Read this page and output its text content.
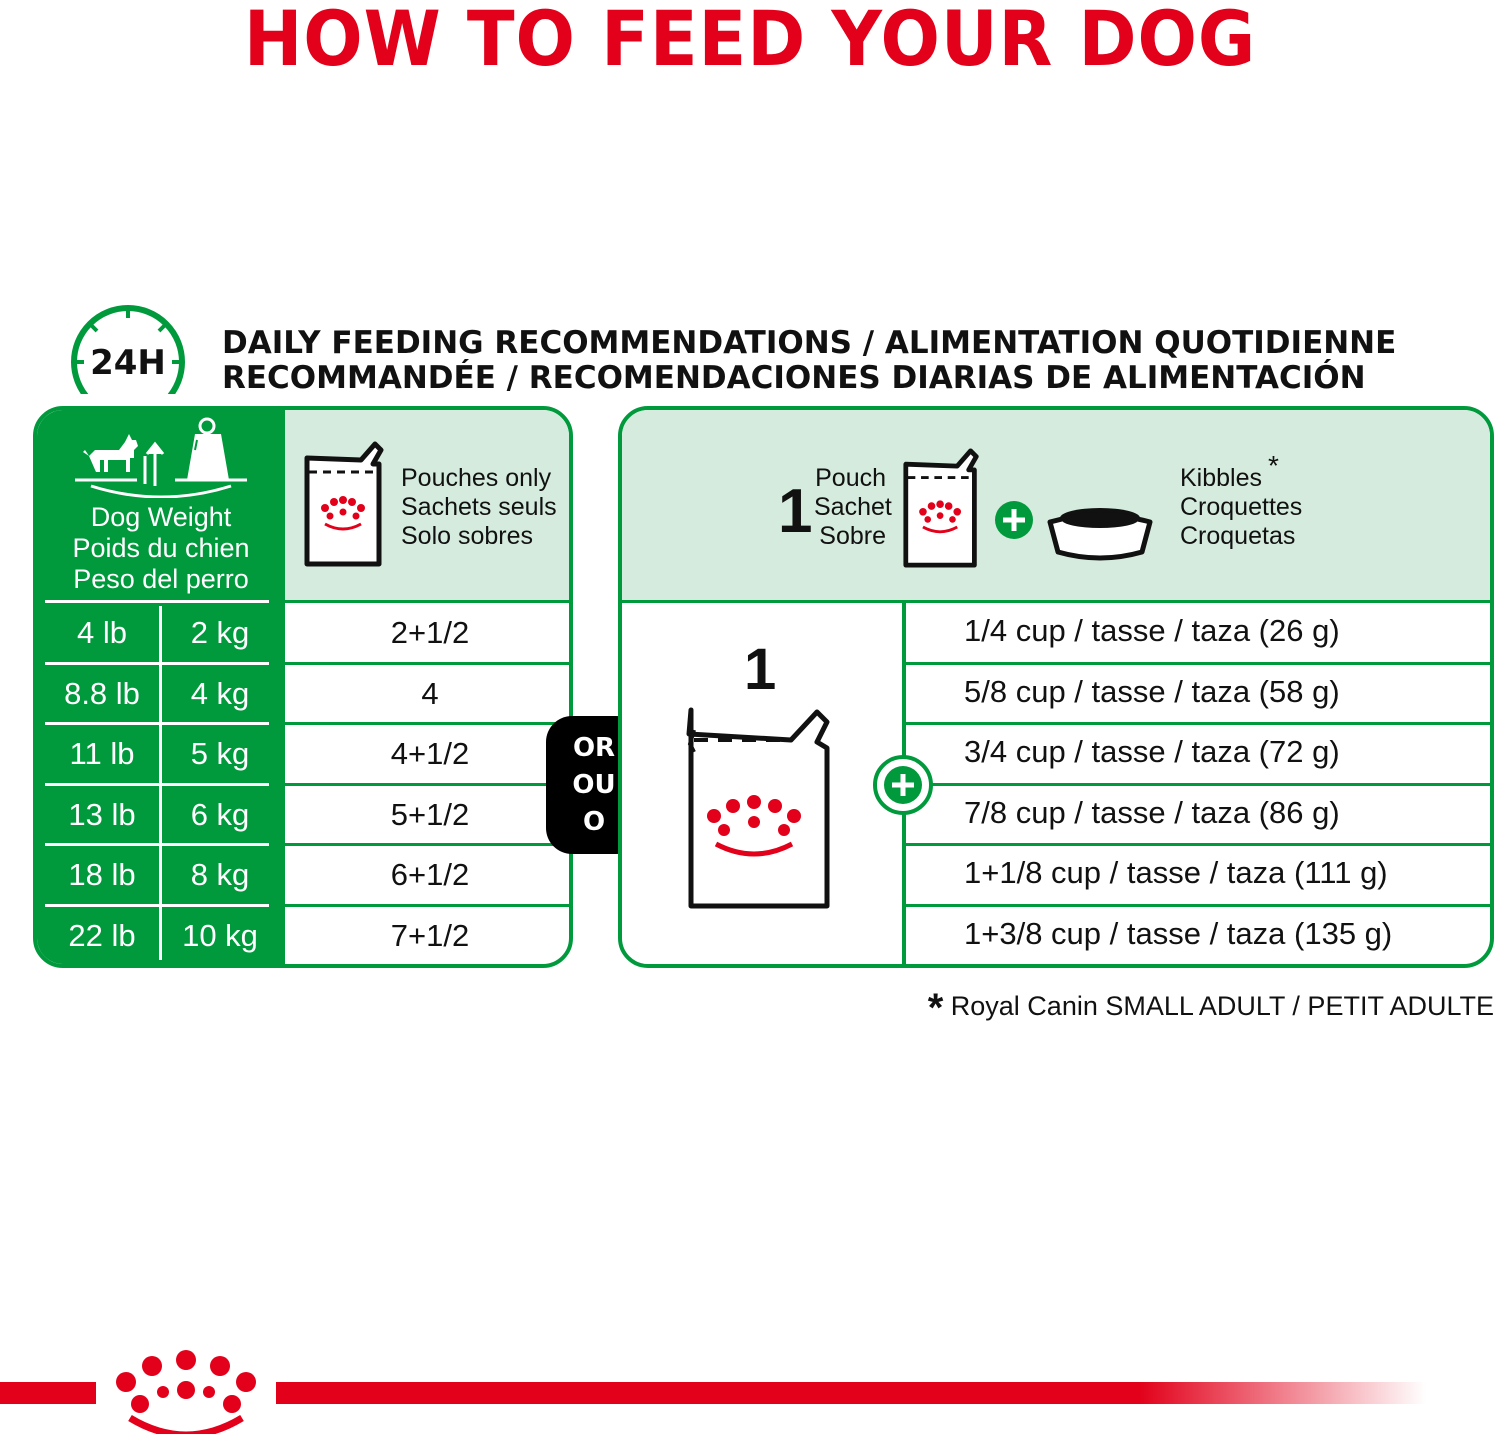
HOW TO FEED YOUR DOG
24H DAILY FEEDING RECOMMENDATIONS / ALIMENTATION QUOTIDIENNE
RECOMMANDÉE / RECOMENDACIONES DIARIAS DE ALIMENTACIÓN
Dog Weight
Poids du chien
Peso del perro
Pouches only
Sachets seuls
Solo sobres
4 lb	2 kg	2+1/2
8.8 lb	4 kg	4
11 lb	5 kg	4+1/2
13 lb	6 kg	5+1/2
18 lb	8 kg	6+1/2
22 lb	10 kg	7+1/2
OR
OU
O
1 Pouch
Sachet
Sobre
Kibbles
Croquettes
Croquetas
*
1
1/4 cup / tasse / taza (26 g)
5/8 cup / tasse / taza (58 g)
3/4 cup / tasse / taza (72 g)
7/8 cup / tasse / taza (86 g)
1+1/8 cup / tasse / taza (111 g)
1+3/8 cup / tasse / taza (135 g)
* Royal Canin SMALL ADULT / PETIT ADULTE
